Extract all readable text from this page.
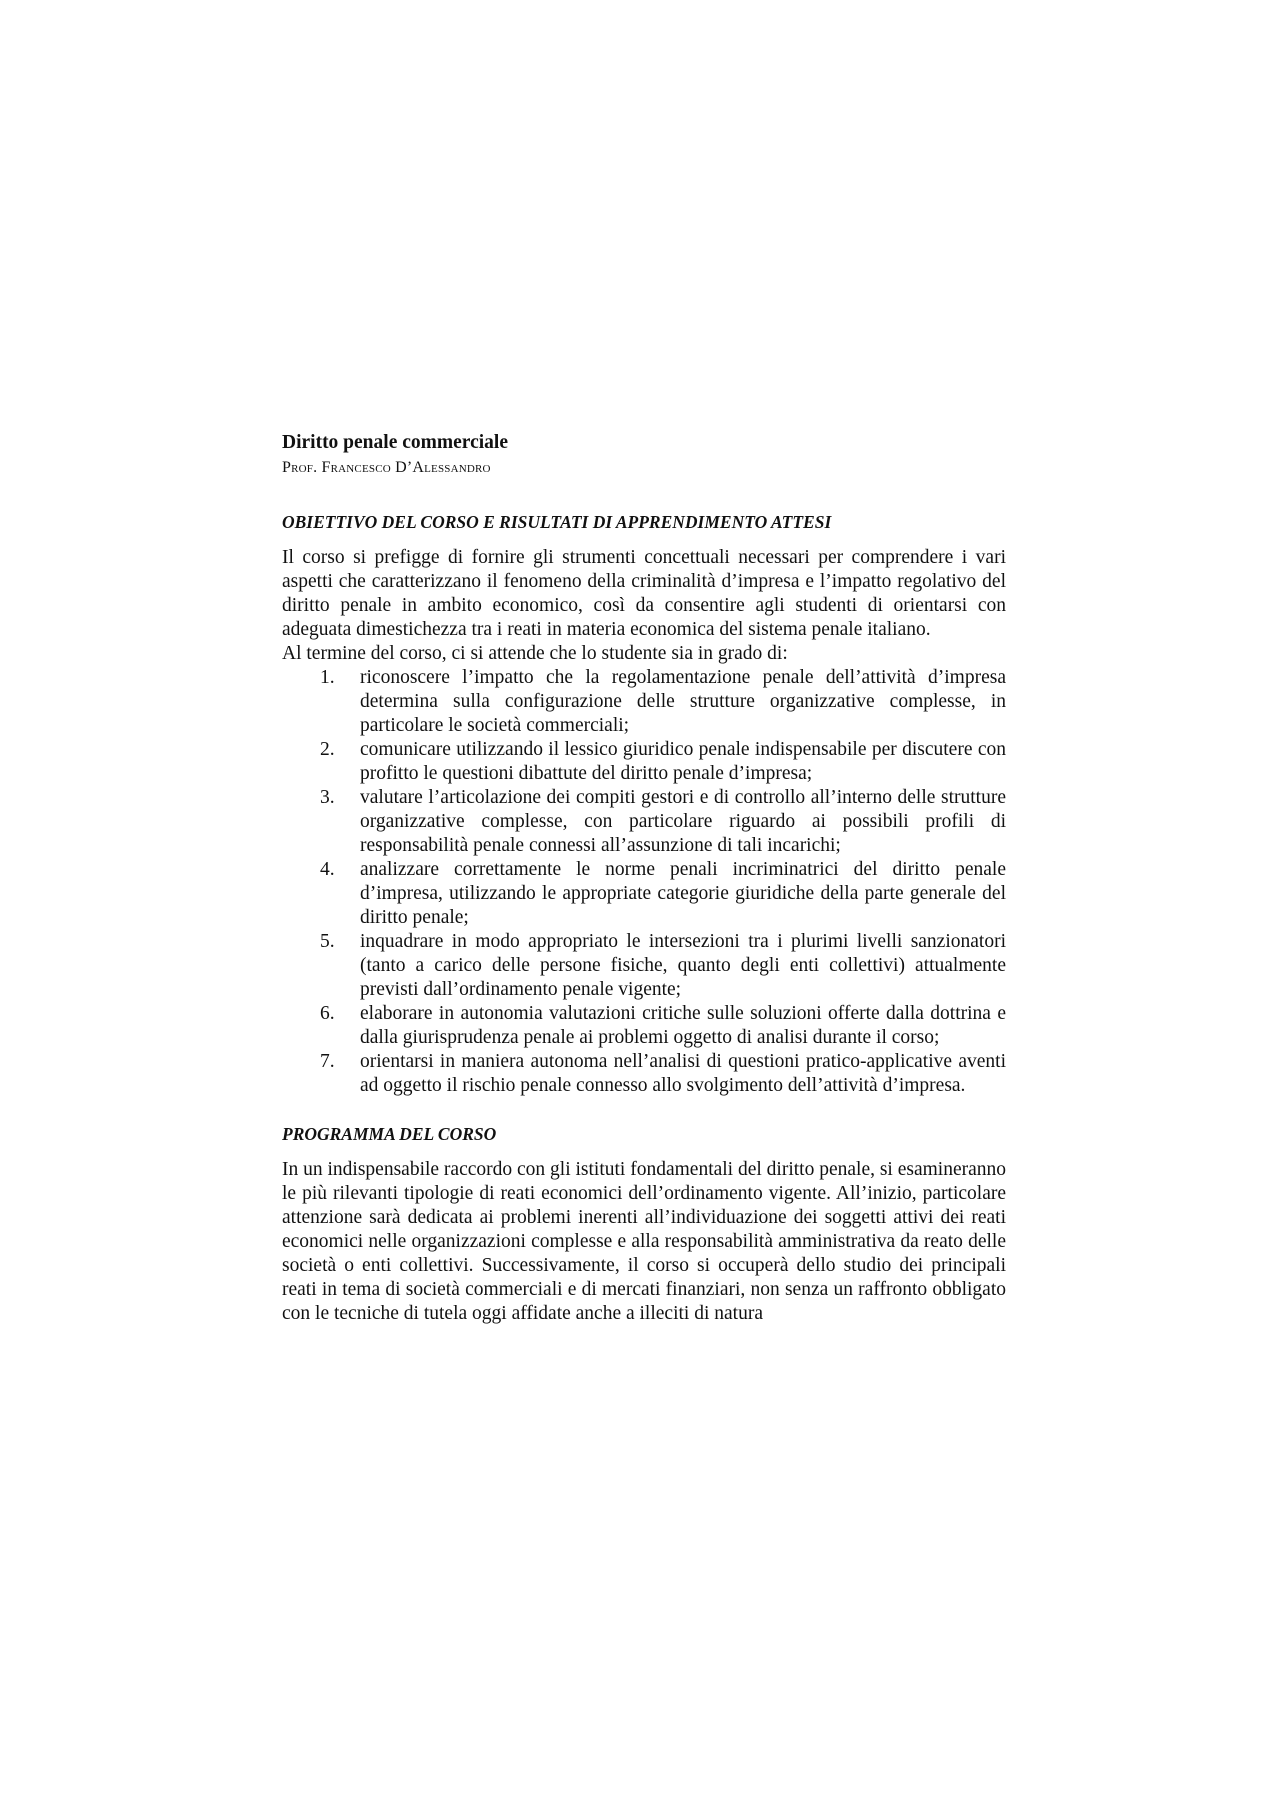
Diritto penale commerciale

Prof. Francesco D’Alessandro

OBIETTIVO DEL CORSO E RISULTATI DI APPRENDIMENTO ATTESI

Il corso si prefigge di fornire gli strumenti concettuali necessari per comprendere i vari aspetti che caratterizzano il fenomeno della criminalità d’impresa e l’impatto regolativo del diritto penale in ambito economico, così da consentire agli studenti di orientarsi con adeguata dimestichezza tra i reati in materia economica del sistema penale italiano.

Al termine del corso, ci si attende che lo studente sia in grado di:

1.	riconoscere l’impatto che la regolamentazione penale dell’attività d’impresa determina sulla configurazione delle strutture organizzative complesse, in particolare le società commerciali;
2.	comunicare utilizzando il lessico giuridico penale indispensabile per discutere con profitto le questioni dibattute del diritto penale d’impresa;
3.	valutare l’articolazione dei compiti gestori e di controllo all’interno delle strutture organizzative complesse, con particolare riguardo ai possibili profili di responsabilità penale connessi all’assunzione di tali incarichi;
4.	analizzare correttamente le norme penali incriminatrici del diritto penale d’impresa, utilizzando le appropriate categorie giuridiche della parte generale del diritto penale;
5.	inquadrare in modo appropriato le intersezioni tra i plurimi livelli sanzionatori (tanto a carico delle persone fisiche, quanto degli enti collettivi) attualmente previsti dall’ordinamento penale vigente;
6.	elaborare in autonomia valutazioni critiche sulle soluzioni offerte dalla dottrina e dalla giurisprudenza penale ai problemi oggetto di analisi durante il corso;
7.	orientarsi in maniera autonoma nell’analisi di questioni pratico-applicative aventi ad oggetto il rischio penale connesso allo svolgimento dell’attività d’impresa.
PROGRAMMA DEL CORSO

In un indispensabile raccordo con gli istituti fondamentali del diritto penale, si esamineranno le più rilevanti tipologie di reati economici dell’ordinamento vigente. All’inizio, particolare attenzione sarà dedicata ai problemi inerenti all’individuazione dei soggetti attivi dei reati economici nelle organizzazioni complesse e alla responsabilità amministrativa da reato delle società o enti collettivi. Successivamente, il corso si occuperà dello studio dei principali reati in tema di società commerciali e di mercati finanziari, non senza un raffronto obbligato con le tecniche di tutela oggi affidate anche a illeciti di natura
